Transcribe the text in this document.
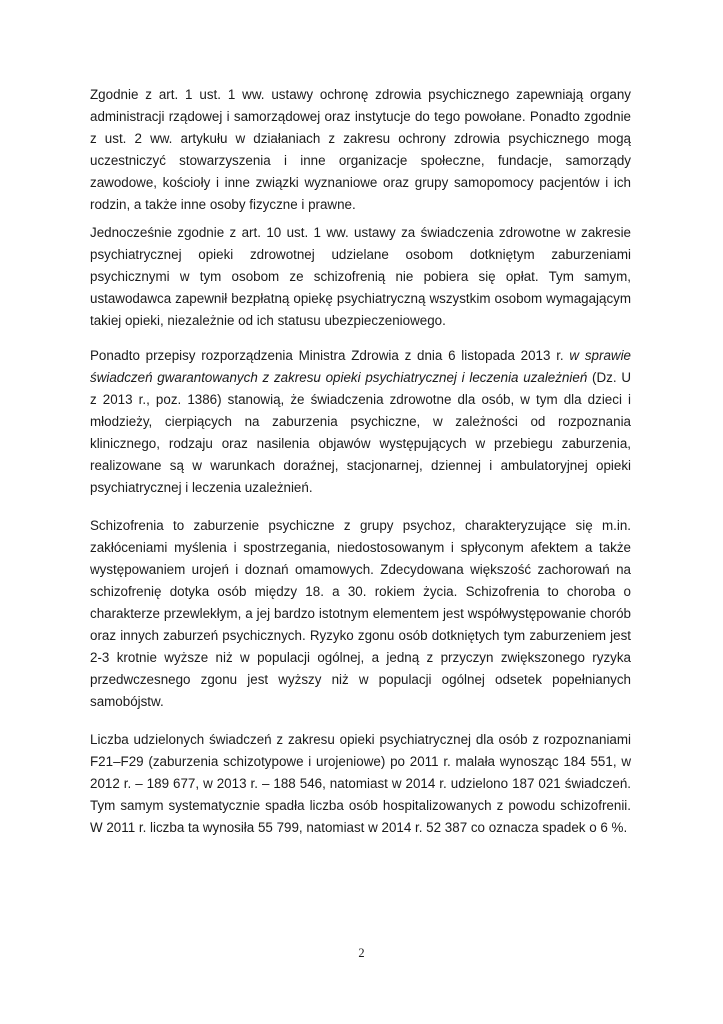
Zgodnie z art. 1 ust. 1 ww. ustawy ochronę zdrowia psychicznego zapewniają organy administracji rządowej i samorządowej oraz instytucje do tego powołane. Ponadto zgodnie z ust. 2 ww. artykułu w działaniach z zakresu ochrony zdrowia psychicznego mogą uczestniczyć stowarzyszenia i inne organizacje społeczne, fundacje, samorządy zawodowe, kościoły i inne związki wyznaniowe oraz grupy samopomocy pacjentów i ich rodzin, a także inne osoby fizyczne i prawne.

Jednocześnie zgodnie z art. 10 ust. 1 ww. ustawy za świadczenia zdrowotne w zakresie psychiatrycznej opieki zdrowotnej udzielane osobom dotkniętym zaburzeniami psychicznymi w tym osobom ze schizofrenią nie pobiera się opłat. Tym samym, ustawodawca zapewnił bezpłatną opiekę psychiatryczną wszystkim osobom wymagającym takiej opieki, niezależnie od ich statusu ubezpieczeniowego.

Ponadto przepisy rozporządzenia Ministra Zdrowia z dnia 6 listopada 2013 r. w sprawie świadczeń gwarantowanych z zakresu opieki psychiatrycznej i leczenia uzależnień (Dz. U z 2013 r., poz. 1386) stanowią, że świadczenia zdrowotne dla osób, w tym dla dzieci i młodzieży, cierpiących na zaburzenia psychiczne, w zależności od rozpoznania klinicznego, rodzaju oraz nasilenia objawów występujących w przebiegu zaburzenia, realizowane są w warunkach doraźnej, stacjonarnej, dziennej i ambulatoryjnej opieki psychiatrycznej i leczenia uzależnień.

Schizofrenia to zaburzenie psychiczne z grupy psychoz, charakteryzujące się m.in. zakłóceniami myślenia i spostrzegania, niedostosowanym i spłyconym afektem a także występowaniem urojeń i doznań omamowych. Zdecydowana większość zachorowań na schizofrenię dotyka osób między 18. a 30. rokiem życia. Schizofrenia to choroba o charakterze przewlekłym, a jej bardzo istotnym elementem jest współwystępowanie chorób oraz innych zaburzeń psychicznych. Ryzyko zgonu osób dotkniętych tym zaburzeniem jest 2-3 krotnie wyższe niż w populacji ogólnej, a jedną z przyczyn zwiększonego ryzyka przedwczesnego zgonu jest wyższy niż w populacji ogólnej odsetek popełnianych samobójstw.

Liczba udzielonych świadczeń z zakresu opieki psychiatrycznej dla osób z rozpoznaniami F21–F29 (zaburzenia schizotypowe i urojeniowe) po 2011 r. malała wynosząc 184 551, w 2012 r. – 189 677, w 2013 r. – 188 546, natomiast w 2014 r. udzielono 187 021 świadczeń. Tym samym systematycznie spadła liczba osób hospitalizowanych z powodu schizofrenii. W 2011 r. liczba ta wynosiła 55 799, natomiast w 2014 r. 52 387 co oznacza spadek o 6 %.

2
